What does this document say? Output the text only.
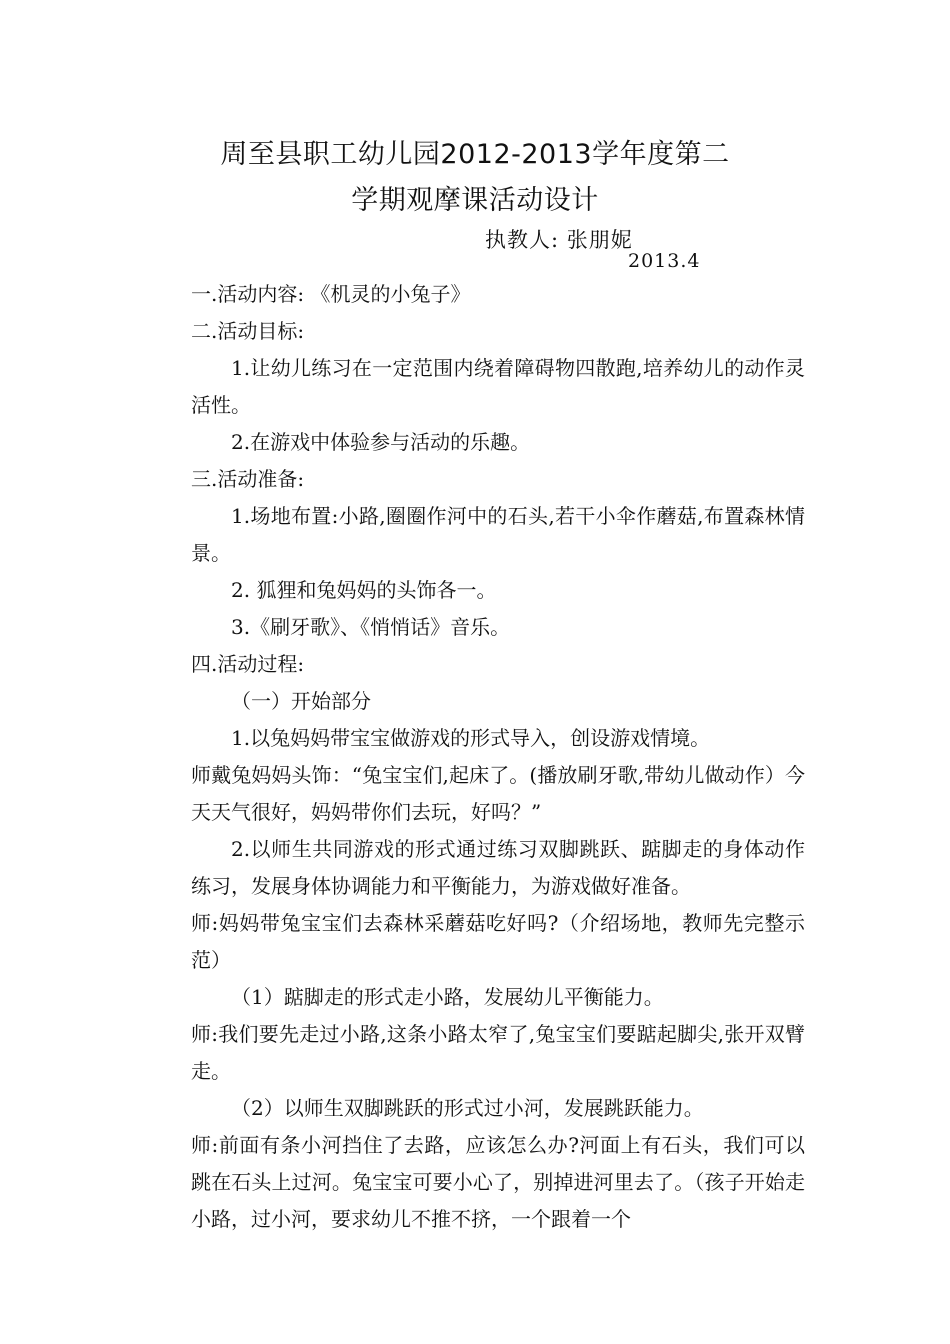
周至县职工幼儿园2012-2013学年度第二
学期观摩课活动设计
执教人: 张朋妮
2013.4

一.活动内容: 《机灵的小兔子》

二.活动目标:

1.让幼儿练习在一定范围内绕着障碍物四散跑,培养幼儿的动作灵活性。

2.在游戏中体验参与活动的乐趣。

三.活动准备:

1.场地布置:小路,圈圈作河中的石头,若干小伞作蘑菇,布置森林情景。

2. 狐狸和兔妈妈的头饰各一。

3.《刷牙歌》、《悄悄话》音乐。

四.活动过程:

（一）开始部分

1.以兔妈妈带宝宝做游戏的形式导入，创设游戏情境。

师戴兔妈妈头饰：“兔宝宝们,起床了。(播放刷牙歌,带幼儿做动作）今天天气很好，妈妈带你们去玩，好吗？”

2.以师生共同游戏的形式通过练习双脚跳跃、踮脚走的身体动作练习，发展身体协调能力和平衡能力，为游戏做好准备。

师:妈妈带兔宝宝们去森林采蘑菇吃好吗?（介绍场地，教师先完整示范）

（1）踮脚走的形式走小路，发展幼儿平衡能力。

师:我们要先走过小路,这条小路太窄了,兔宝宝们要踮起脚尖,张开双臂走。

（2）以师生双脚跳跃的形式过小河，发展跳跃能力。

师:前面有条小河挡住了去路，应该怎么办?河面上有石头，我们可以跳在石头上过河。兔宝宝可要小心了，别掉进河里去了。（孩子开始走小路，过小河，要求幼儿不推不挤，一个跟着一个
